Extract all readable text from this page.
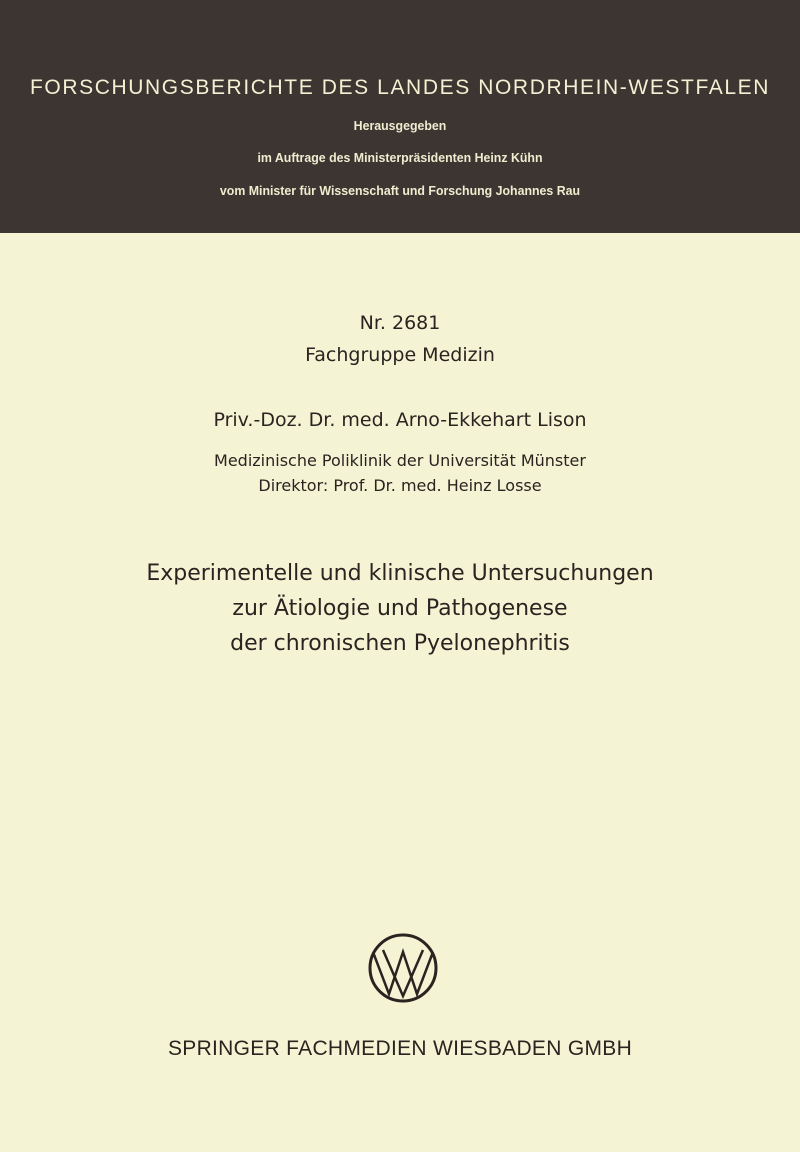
FORSCHUNGSBERICHTE DES LANDES NORDRHEIN-WESTFALEN
Herausgegeben
im Auftrage des Ministerpräsidenten Heinz Kühn
vom Minister für Wissenschaft und Forschung Johannes Rau
Nr. 2681
Fachgruppe Medizin
Priv.-Doz. Dr. med. Arno-Ekkehart Lison
Medizinische Poliklinik der Universität Münster
Direktor: Prof. Dr. med. Heinz Losse
Experimentelle und klinische Untersuchungen
zur Ätiologie und Pathogenese
der chronischen Pyelonephritis
SPRINGER FACHMEDIEN WIESBADEN GMBH
